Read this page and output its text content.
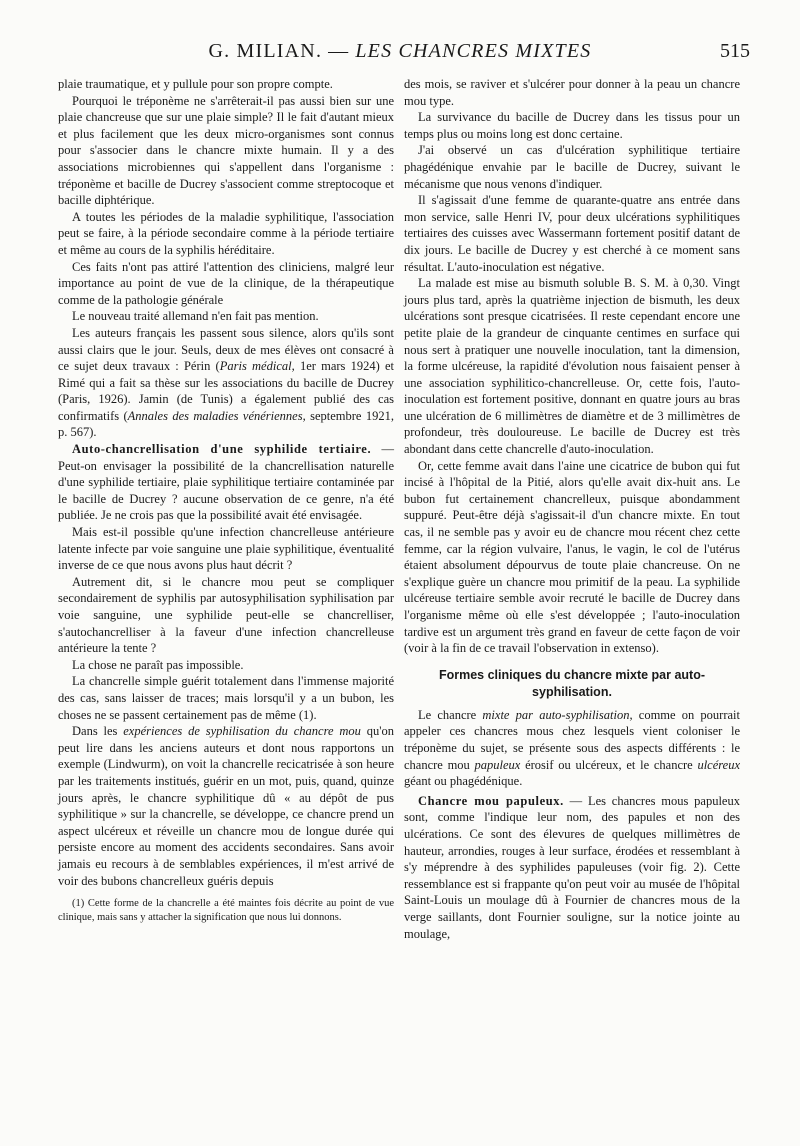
G. MILIAN. — LES CHANCRES MIXTES	515

plaie traumatique, et y pullule pour son propre compte.

Pourquoi le tréponème ne s'arrêterait-il pas aussi bien sur une plaie chancreuse que sur une plaie simple? Il le fait d'autant mieux et plus facilement que les deux micro-organismes sont connus pour s'associer dans le chancre mixte humain. Il y a des associations microbiennes qui s'appellent dans l'organisme : tréponème et bacille de Ducrey s'associent comme streptocoque et bacille diphtérique.

A toutes les périodes de la maladie syphilitique, l'association peut se faire, à la période secondaire comme à la période tertiaire et même au cours de la syphilis héréditaire.

Ces faits n'ont pas attiré l'attention des cliniciens, malgré leur importance au point de vue de la clinique, de la thérapeutique comme de la pathologie générale

Le nouveau traité allemand n'en fait pas mention.

Les auteurs français les passent sous silence, alors qu'ils sont aussi clairs que le jour. Seuls, deux de mes élèves ont consacré à ce sujet deux travaux : Périn (Paris médical, 1er mars 1924) et Rimé qui a fait sa thèse sur les associations du bacille de Ducrey (Paris, 1926). Jamin (de Tunis) a également publié des cas confirmatifs (Annales des maladies vénériennes, septembre 1921, p. 567).

Auto-chancrellisation d'une syphilide tertiaire. — Peut-on envisager la possibilité de la chancrellisation naturelle d'une syphilide tertiaire, plaie syphilitique tertiaire contaminée par le bacille de Ducrey ? aucune observation de ce genre, n'a été publiée. Je ne crois pas que la possibilité avait été envisagée.

Mais est-il possible qu'une infection chancrelleuse antérieure latente infecte par voie sanguine une plaie syphilitique, éventualité inverse de ce que nous avons plus haut décrit ?

Autrement dit, si le chancre mou peut se compliquer secondairement de syphilis par autosyphilisation syphilisation par voie sanguine, une syphilide peut-elle se chancrelliser, s'autochancrelliser à la faveur d'une infection chancrelleuse antérieure la tente ?

La chose ne paraît pas impossible.

La chancrelle simple guérit totalement dans l'immense majorité des cas, sans laisser de traces; mais lorsqu'il y a un bubon, les choses ne se passent certainement pas de même (1).

Dans les expériences de syphilisation du chancre mou qu'on peut lire dans les anciens auteurs et dont nous rapportons un exemple (Lindwurm), on voit la chancrelle recicatrisée à son heure par les traitements institués, guérir en un mot, puis, quand, quinze jours après, le chancre syphilitique dû « au dépôt de pus syphilitique » sur la chancrelle, se développe, ce chancre prend un aspect ulcéreux et réveille un chancre mou de longue durée qui persiste encore au moment des accidents secondaires. Sans avoir jamais eu recours à de semblables expériences, il m'est arrivé de voir des bubons chancrelleux guéris depuis

(1) Cette forme de la chancrelle a été maintes fois décrite au point de vue clinique, mais sans y attacher la signification que nous lui donnons.

des mois, se raviver et s'ulcérer pour donner à la peau un chancre mou type.

La survivance du bacille de Ducrey dans les tissus pour un temps plus ou moins long est donc certaine.

J'ai observé un cas d'ulcération syphilitique tertiaire phagédénique envahie par le bacille de Ducrey, suivant le mécanisme que nous venons d'indiquer.

Il s'agissait d'une femme de quarante-quatre ans entrée dans mon service, salle Henri IV, pour deux ulcérations syphilitiques tertiaires des cuisses avec Wassermann fortement positif datant de dix jours. Le bacille de Ducrey y est cherché à ce moment sans résultat. L'auto-inoculation est négative.

La malade est mise au bismuth soluble B. S. M. à 0,30. Vingt jours plus tard, après la quatrième injection de bismuth, les deux ulcérations sont presque cicatrisées. Il reste cependant encore une petite plaie de la grandeur de cinquante centimes en surface qui nous sert à pratiquer une nouvelle inoculation, tant la dimension, la forme ulcéreuse, la rapidité d'évolution nous faisaient penser à une association syphilitico-chancrelleuse. Or, cette fois, l'auto-inoculation est fortement positive, donnant en quatre jours au bras une ulcération de 6 millimètres de diamètre et de 3 millimètres de profondeur, très douloureuse. Le bacille de Ducrey est très abondant dans cette chancrelle d'auto-inoculation.

Or, cette femme avait dans l'aine une cicatrice de bubon qui fut incisé à l'hôpital de la Pitié, alors qu'elle avait dix-huit ans. Le bubon fut certainement chancrelleux, puisque abondamment suppuré. Peut-être déjà s'agissait-il d'un chancre mixte. En tout cas, il ne semble pas y avoir eu de chancre mou récent chez cette femme, car la région vulvaire, l'anus, le vagin, le col de l'utérus étaient absolument dépourvus de toute plaie chancreuse. On ne s'explique guère un chancre mou primitif de la peau. La syphilide ulcéreuse tertiaire semble avoir recruté le bacille de Ducrey dans l'organisme même où elle s'est développée ; l'auto-inoculation tardive est un argument très grand en faveur de cette façon de voir (voir à la fin de ce travail l'observation in extenso).

Formes cliniques du chancre mixte par auto-syphilisation.

Le chancre mixte par auto-syphilisation, comme on pourrait appeler ces chancres mous chez lesquels vient coloniser le tréponème du sujet, se présente sous des aspects différents : le chancre mou papuleux érosif ou ulcéreux, et le chancre ulcéreux géant ou phagédénique.

Chancre mou papuleux. — Les chancres mous papuleux sont, comme l'indique leur nom, des papules et non des ulcérations. Ce sont des élevures de quelques millimètres de hauteur, arrondies, rouges à leur surface, érodées et ressemblant à s'y méprendre à des syphilides papuleuses (voir fig. 2). Cette ressemblance est si frappante qu'on peut voir au musée de l'hôpital Saint-Louis un moulage dû à Fournier de chancres mous de la verge saillants, dont Fournier souligne, sur la notice jointe au moulage,
